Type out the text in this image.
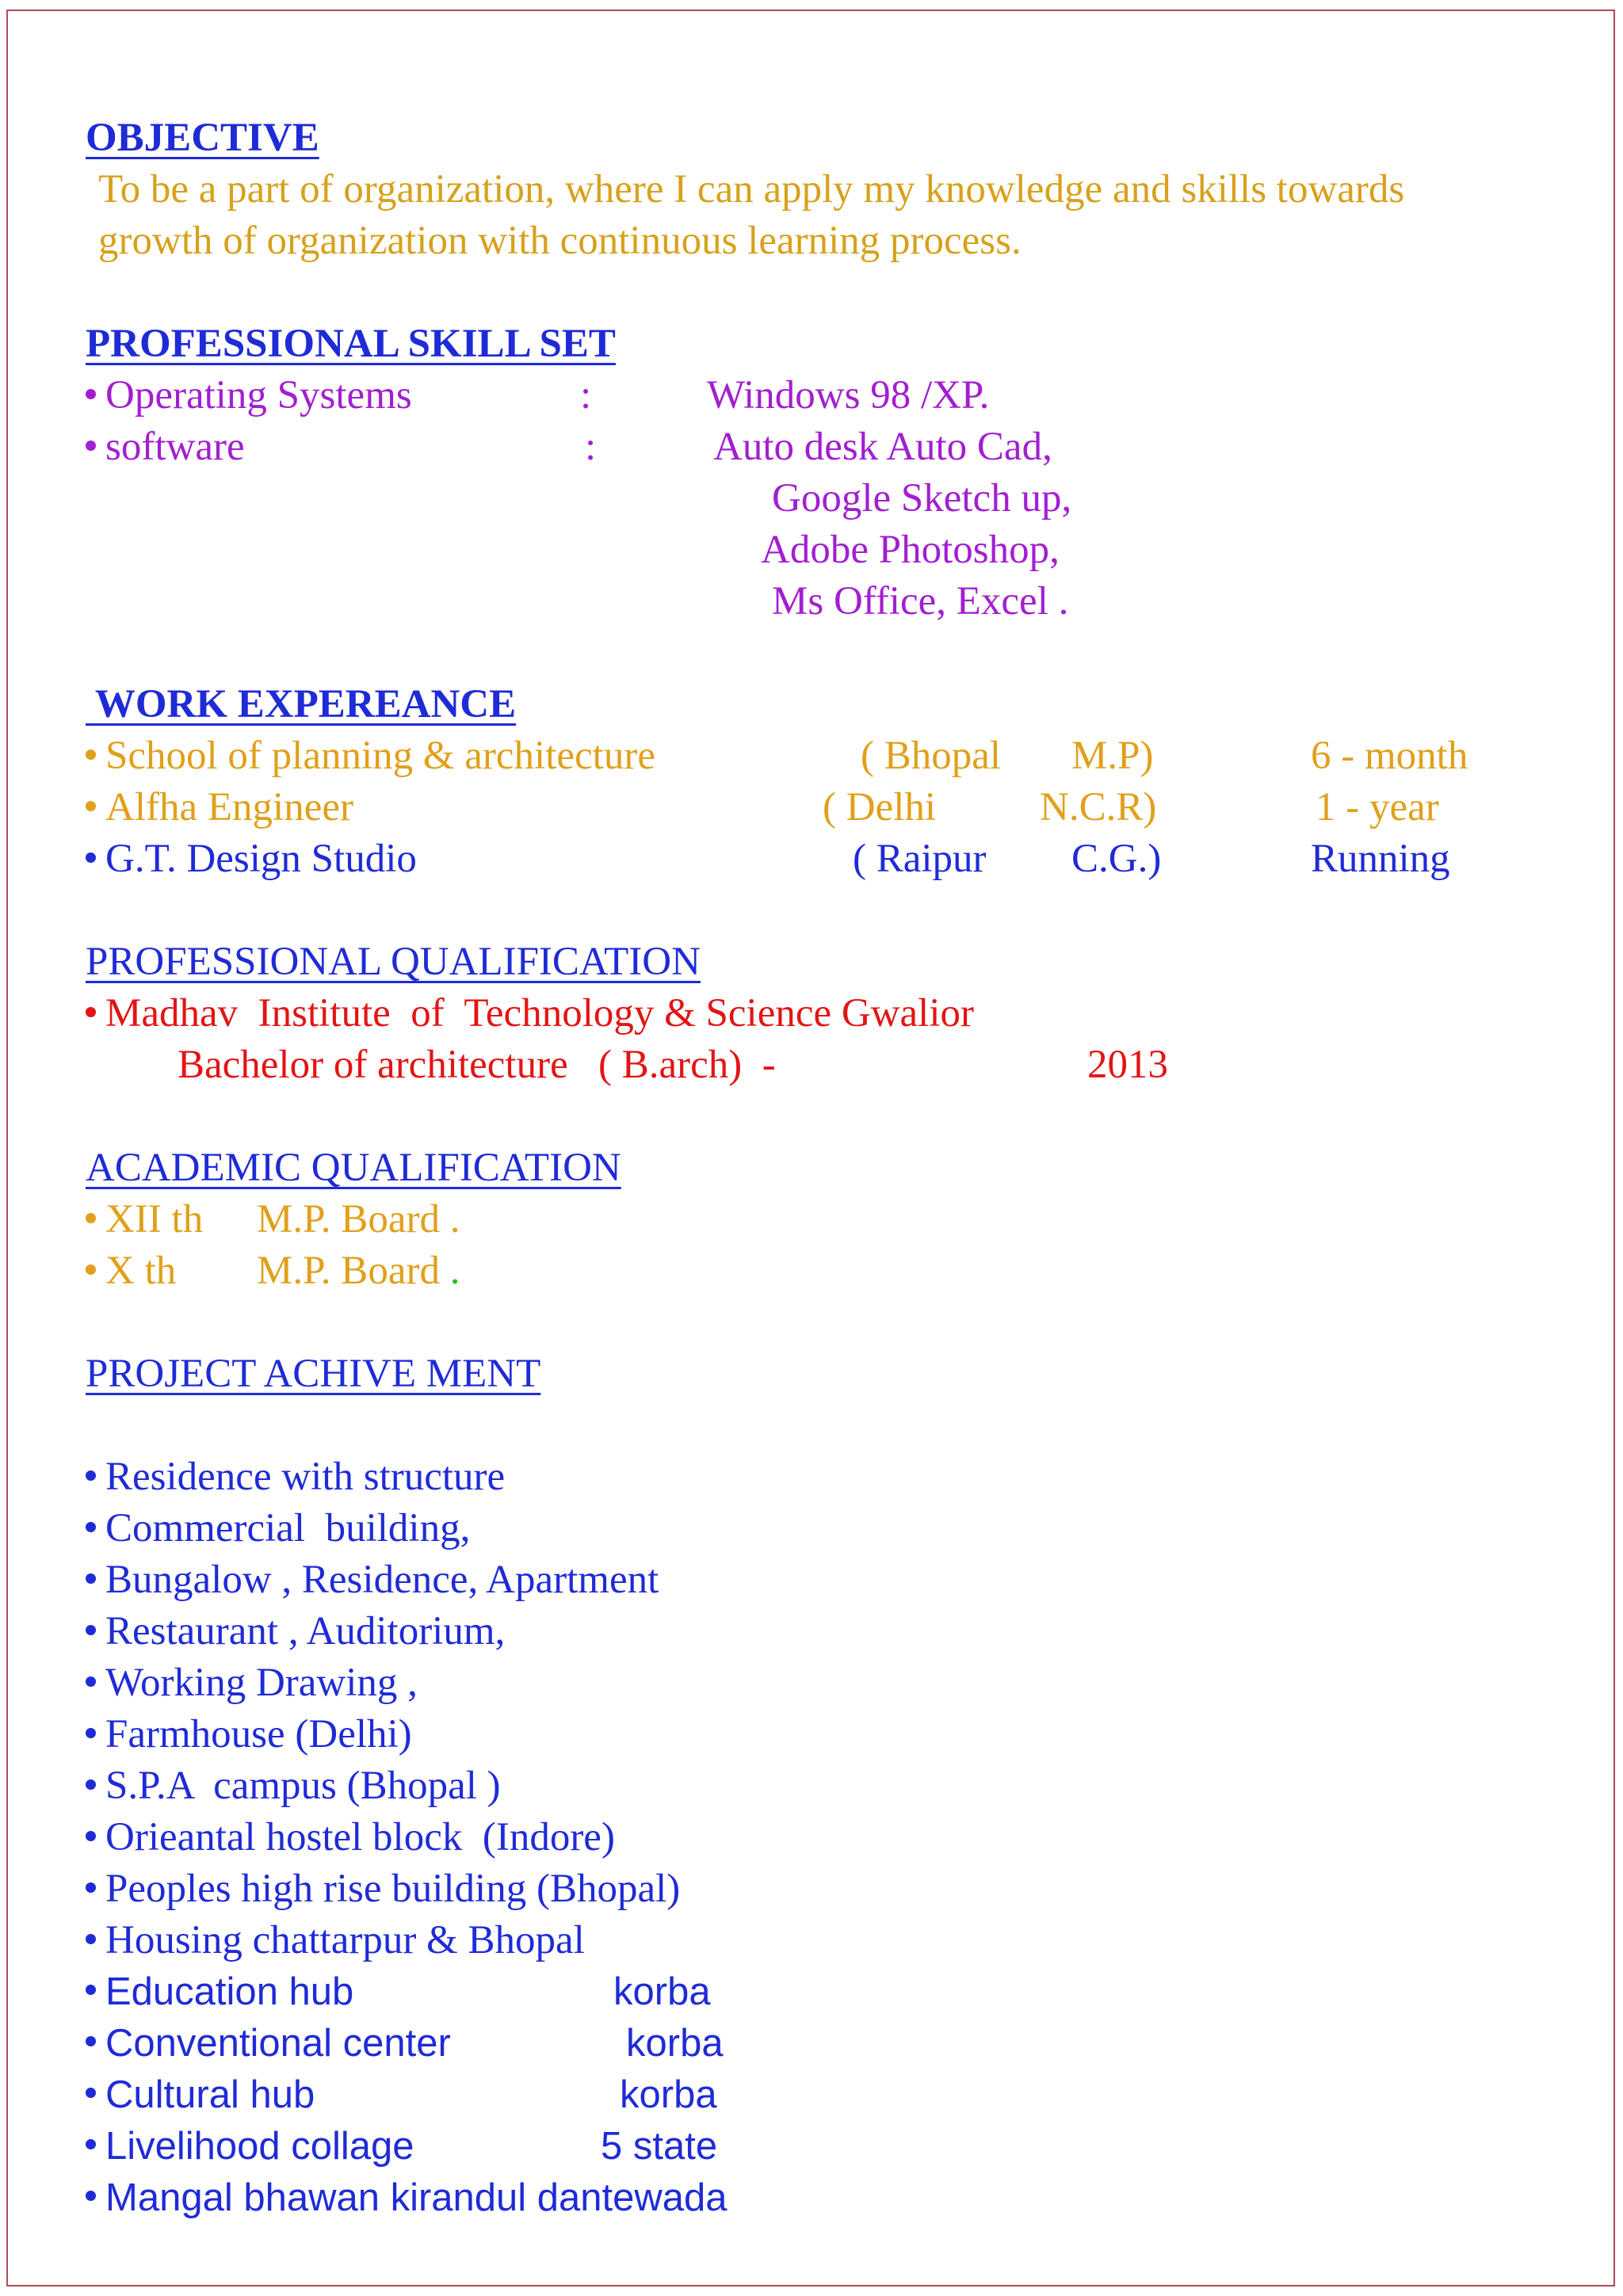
OBJECTIVE
To be a part of organization, where I can apply my knowledge and skills towards
growth of organization with continuous learning process.
PROFESSIONAL SKILL SET
Operating Systems	:	Windows 98 /XP.
software	:	Auto desk Auto Cad,
Google Sketch up,
Adobe Photoshop,
Ms Office, Excel .
WORK EXPEREANCE
School of planning & architecture	( Bhopal M.P)	6 - month
Alfha Engineer	( Delhi	N.C.R)	1 - year
G.T. Design Studio	( Raipur C.G.)	Running
PROFESSIONAL QUALIFICATION
Madhav  Institute  of  Technology & Science Gwalior
Bachelor of architecture   ( B.arch)  -	2013
ACADEMIC QUALIFICATION
XII th M.P. Board .
X th M.P. Board .
PROJECT ACHIVE MENT
Residence with structure
Commercial  building,
Bungalow , Residence, Apartment
Restaurant , Auditorium,
Working Drawing ,
Farmhouse (Delhi)
S.P.A  campus (Bhopal )
Orieantal hostel block  (Indore)
Peoples high rise building (Bhopal)
Housing chattarpur & Bhopal
Education hub	korba
Conventional center	korba
Cultural hub	korba
Livelihood collage	5 state
Mangal bhawan kirandul dantewada
